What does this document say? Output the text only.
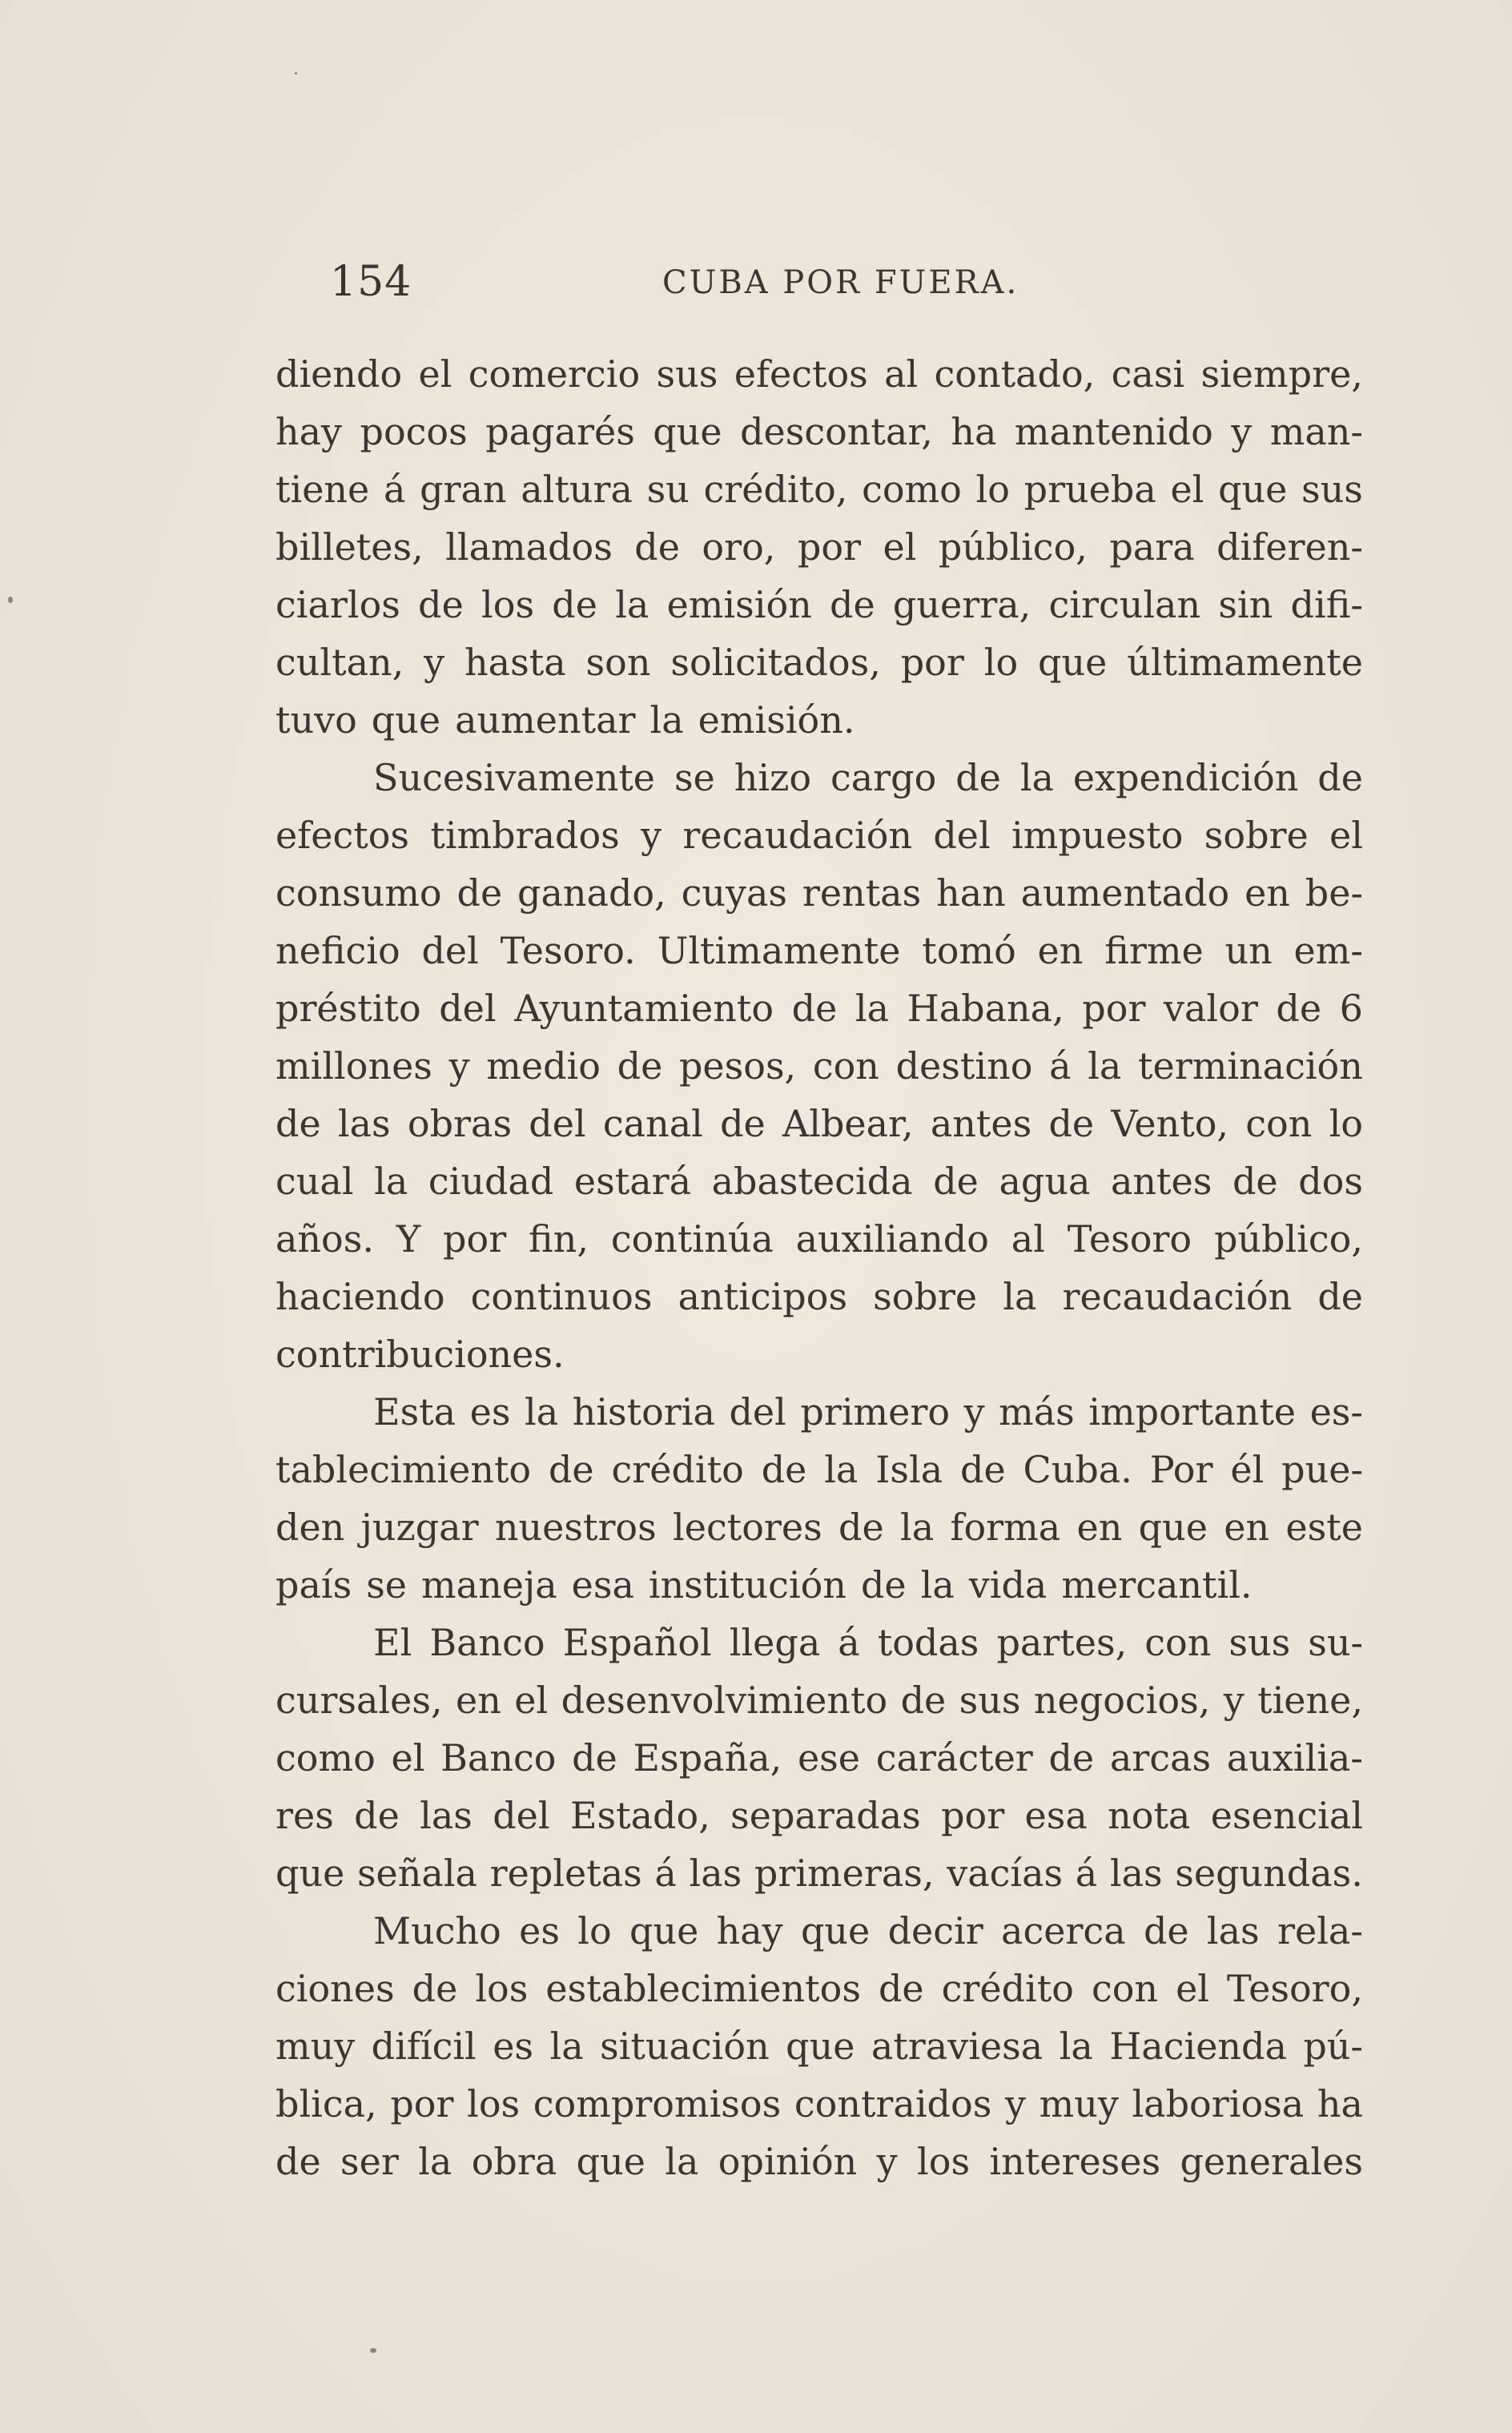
154	CUBA POR FUERA.
diendo el comercio sus efectos al contado, casi siempre,
hay pocos pagarés que descontar, ha mantenido y man-
tiene á gran altura su crédito, como lo prueba el que sus
billetes, llamados de oro, por el público, para diferen-
ciarlos de los de la emisión de guerra, circulan sin difi-
cultan, y hasta son solicitados, por lo que últimamente
tuvo que aumentar la emisión.
Sucesivamente se hizo cargo de la expendición de
efectos timbrados y recaudación del impuesto sobre el
consumo de ganado, cuyas rentas han aumentado en be-
neficio del Tesoro. Ultimamente tomó en firme un em-
préstito del Ayuntamiento de la Habana, por valor de 6
millones y medio de pesos, con destino á la terminación
de las obras del canal de Albear, antes de Vento, con lo
cual la ciudad estará abastecida de agua antes de dos
años. Y por fin, continúa auxiliando al Tesoro público,
haciendo continuos anticipos sobre la recaudación de
contribuciones.
Esta es la historia del primero y más importante es-
tablecimiento de crédito de la Isla de Cuba. Por él pue-
den juzgar nuestros lectores de la forma en que en este
país se maneja esa institución de la vida mercantil.
El Banco Español llega á todas partes, con sus su-
cursales, en el desenvolvimiento de sus negocios, y tiene,
como el Banco de España, ese carácter de arcas auxilia-
res de las del Estado, separadas por esa nota esencial
que señala repletas á las primeras, vacías á las segundas.
Mucho es lo que hay que decir acerca de las rela-
ciones de los establecimientos de crédito con el Tesoro,
muy difícil es la situación que atraviesa la Hacienda pú-
blica, por los compromisos contraidos y muy laboriosa ha
de ser la obra que la opinión y los intereses generales
